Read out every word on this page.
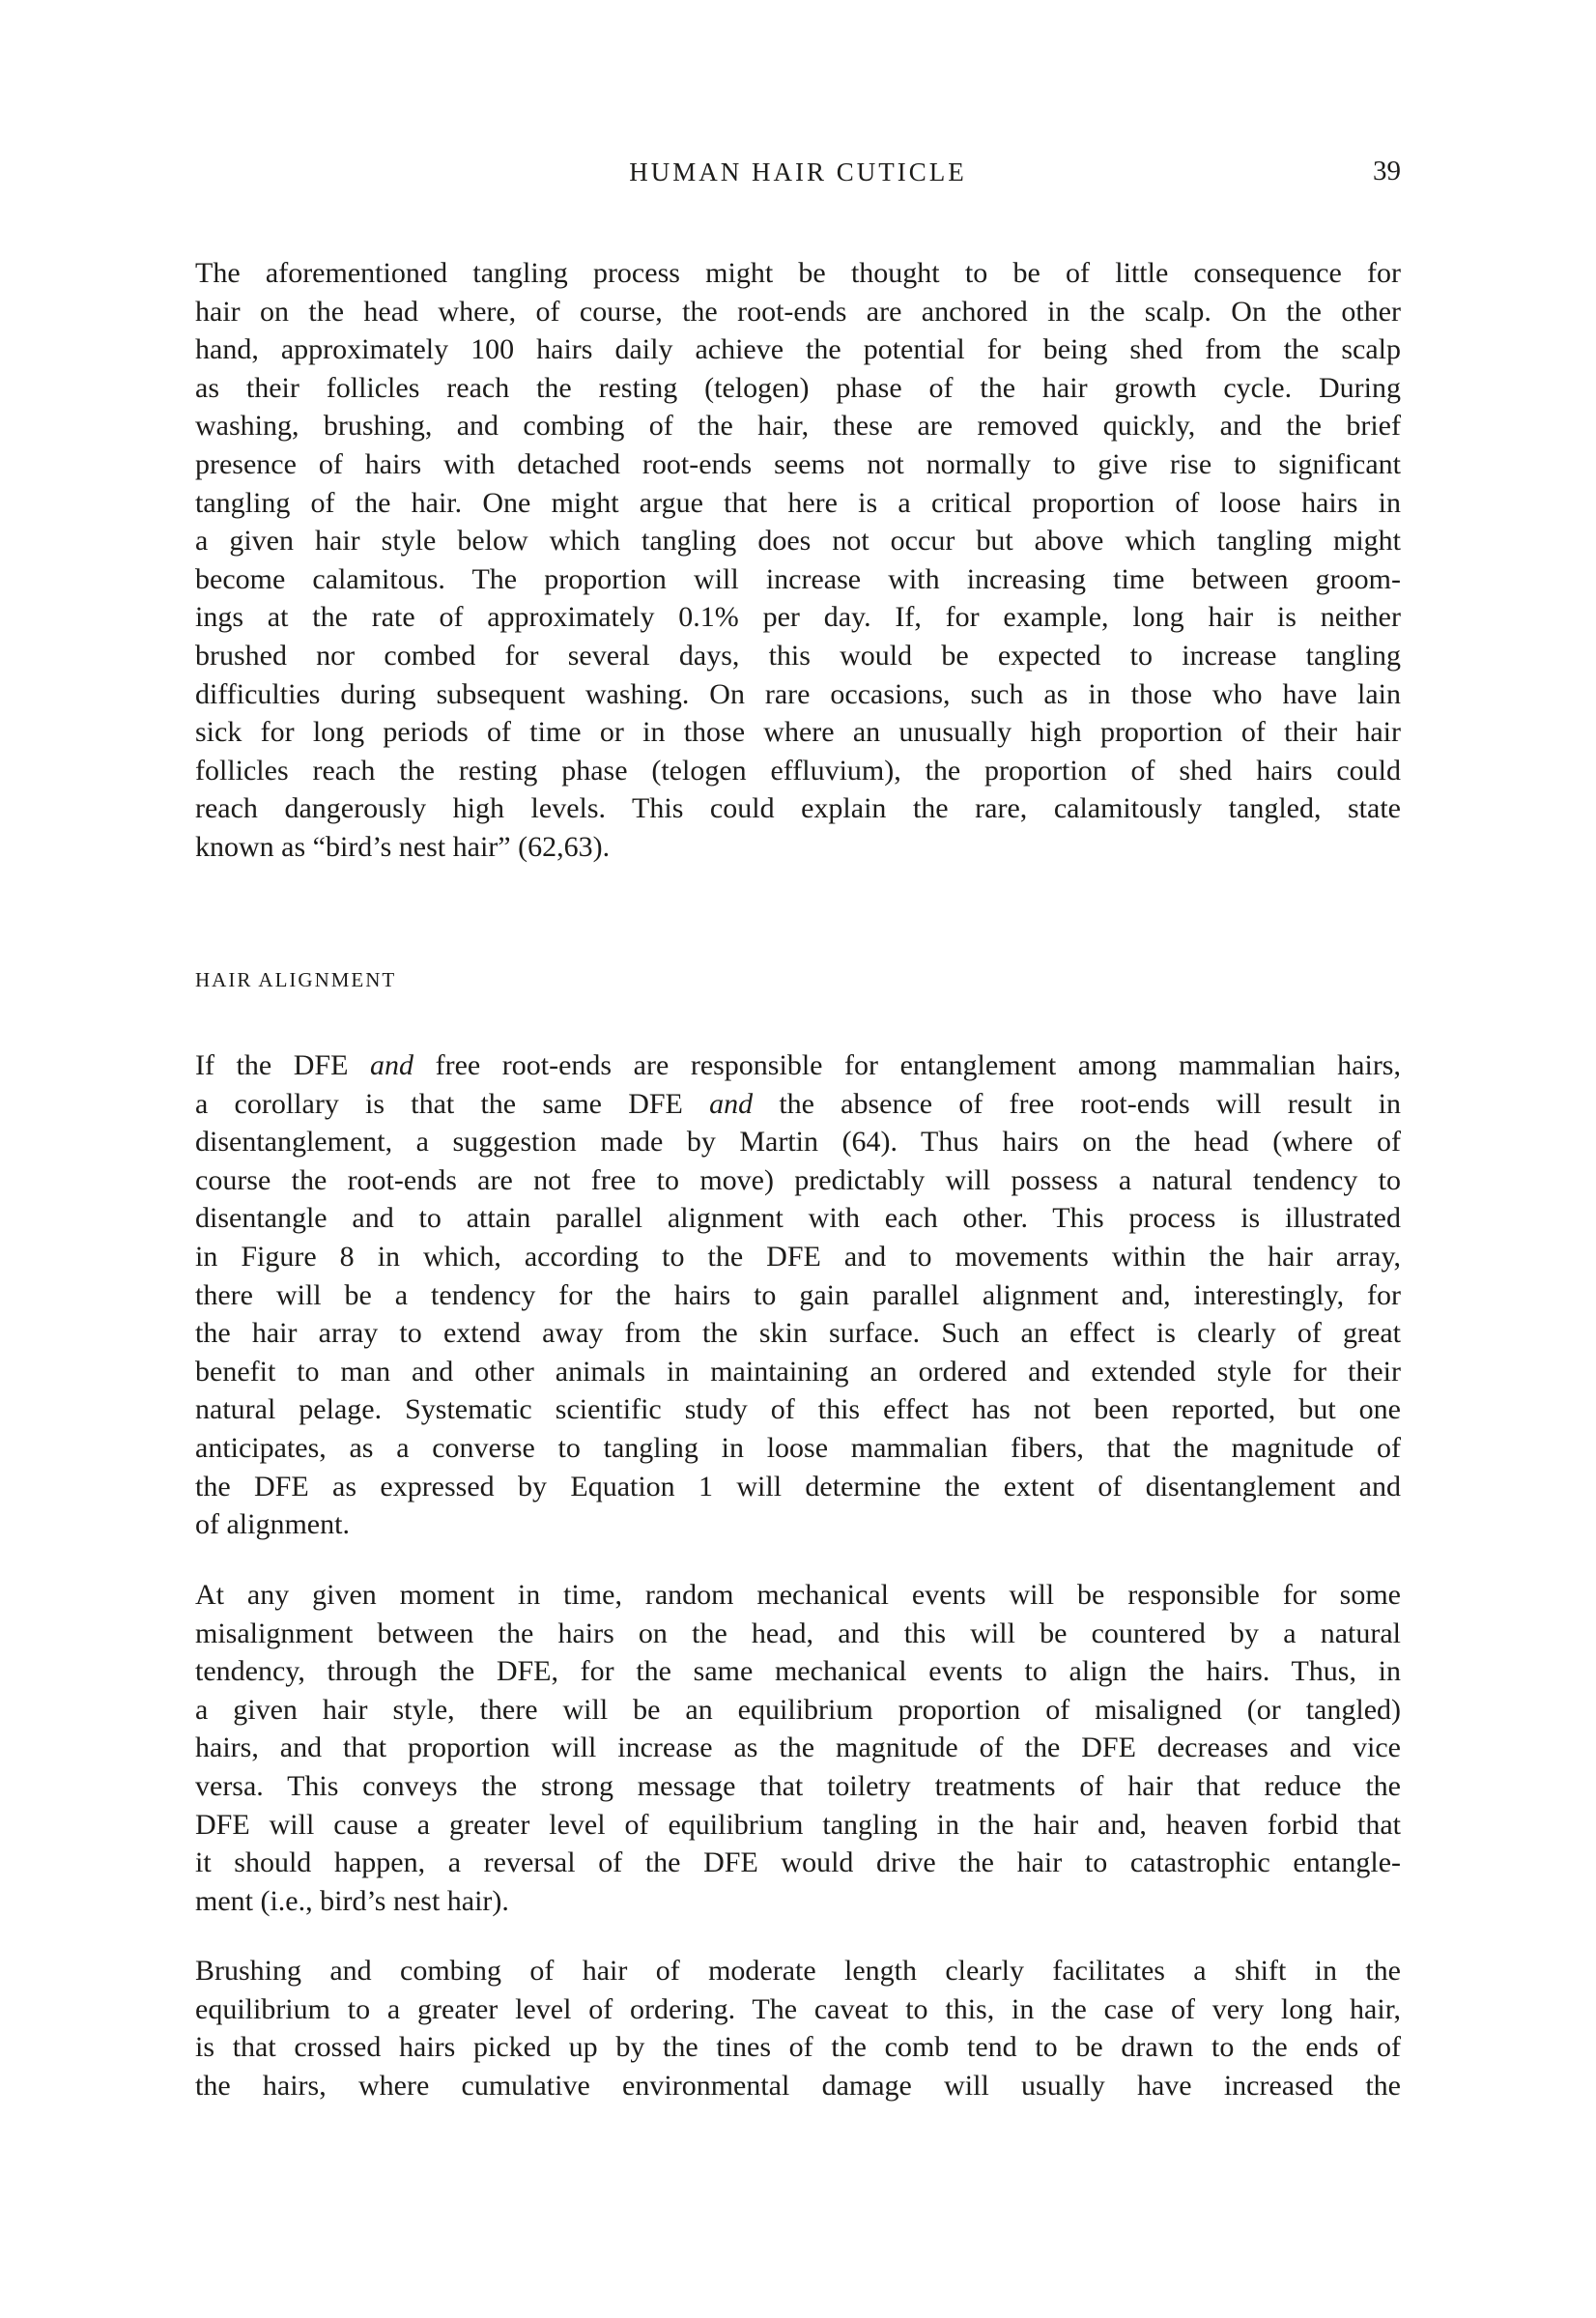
HUMAN HAIR CUTICLE	39
The aforementioned tangling process might be thought to be of little consequence for
hair on the head where, of course, the root-ends are anchored in the scalp. On the other
hand, approximately 100 hairs daily achieve the potential for being shed from the scalp
as their follicles reach the resting (telogen) phase of the hair growth cycle. During
washing, brushing, and combing of the hair, these are removed quickly, and the brief
presence of hairs with detached root-ends seems not normally to give rise to significant
tangling of the hair. One might argue that here is a critical proportion of loose hairs in
a given hair style below which tangling does not occur but above which tangling might
become calamitous. The proportion will increase with increasing time between groom-
ings at the rate of approximately 0.1% per day. If, for example, long hair is neither
brushed nor combed for several days, this would be expected to increase tangling
difficulties during subsequent washing. On rare occasions, such as in those who have lain
sick for long periods of time or in those where an unusually high proportion of their hair
follicles reach the resting phase (telogen effluvium), the proportion of shed hairs could
reach dangerously high levels. This could explain the rare, calamitously tangled, state
known as “bird’s nest hair” (62,63).
HAIR ALIGNMENT
If the DFE and free root-ends are responsible for entanglement among mammalian hairs,
a corollary is that the same DFE and the absence of free root-ends will result in
disentanglement, a suggestion made by Martin (64). Thus hairs on the head (where of
course the root-ends are not free to move) predictably will possess a natural tendency to
disentangle and to attain parallel alignment with each other. This process is illustrated
in Figure 8 in which, according to the DFE and to movements within the hair array,
there will be a tendency for the hairs to gain parallel alignment and, interestingly, for
the hair array to extend away from the skin surface. Such an effect is clearly of great
benefit to man and other animals in maintaining an ordered and extended style for their
natural pelage. Systematic scientific study of this effect has not been reported, but one
anticipates, as a converse to tangling in loose mammalian fibers, that the magnitude of
the DFE as expressed by Equation 1 will determine the extent of disentanglement and
of alignment.
At any given moment in time, random mechanical events will be responsible for some
misalignment between the hairs on the head, and this will be countered by a natural
tendency, through the DFE, for the same mechanical events to align the hairs. Thus, in
a given hair style, there will be an equilibrium proportion of misaligned (or tangled)
hairs, and that proportion will increase as the magnitude of the DFE decreases and vice
versa. This conveys the strong message that toiletry treatments of hair that reduce the
DFE will cause a greater level of equilibrium tangling in the hair and, heaven forbid that
it should happen, a reversal of the DFE would drive the hair to catastrophic entangle-
ment (i.e., bird’s nest hair).
Brushing and combing of hair of moderate length clearly facilitates a shift in the
equilibrium to a greater level of ordering. The caveat to this, in the case of very long hair,
is that crossed hairs picked up by the tines of the comb tend to be drawn to the ends of
the hairs, where cumulative environmental damage will usually have increased the
